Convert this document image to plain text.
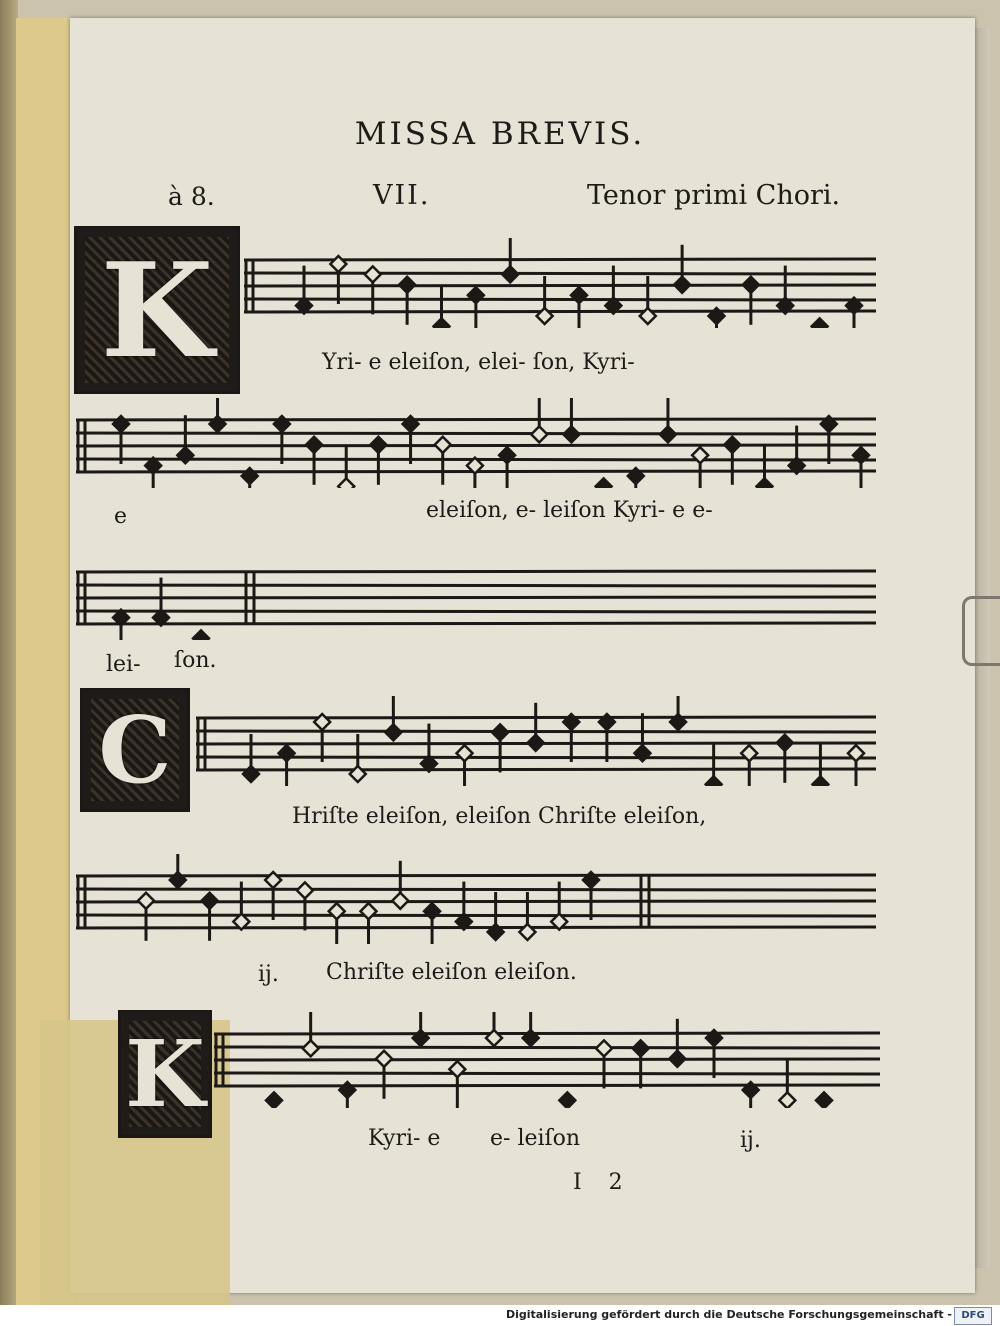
MISSA BREVIS.
à 8.	VII.	Tenor primi Chori.
K
C
K
Yri- e eleiſon, elei- ſon, Kyri-
e	eleiſon, e- leiſon Kyri- e e-
lei- ſon.
Hriſte eleiſon, eleiſon Chriſte eleiſon,
ij. Chriſte eleiſon eleiſon.
Kyri- e e- leiſon	ij.
I 2
Digitalisierung gefördert durch die Deutsche Forschungsgemeinschaft - DFG
